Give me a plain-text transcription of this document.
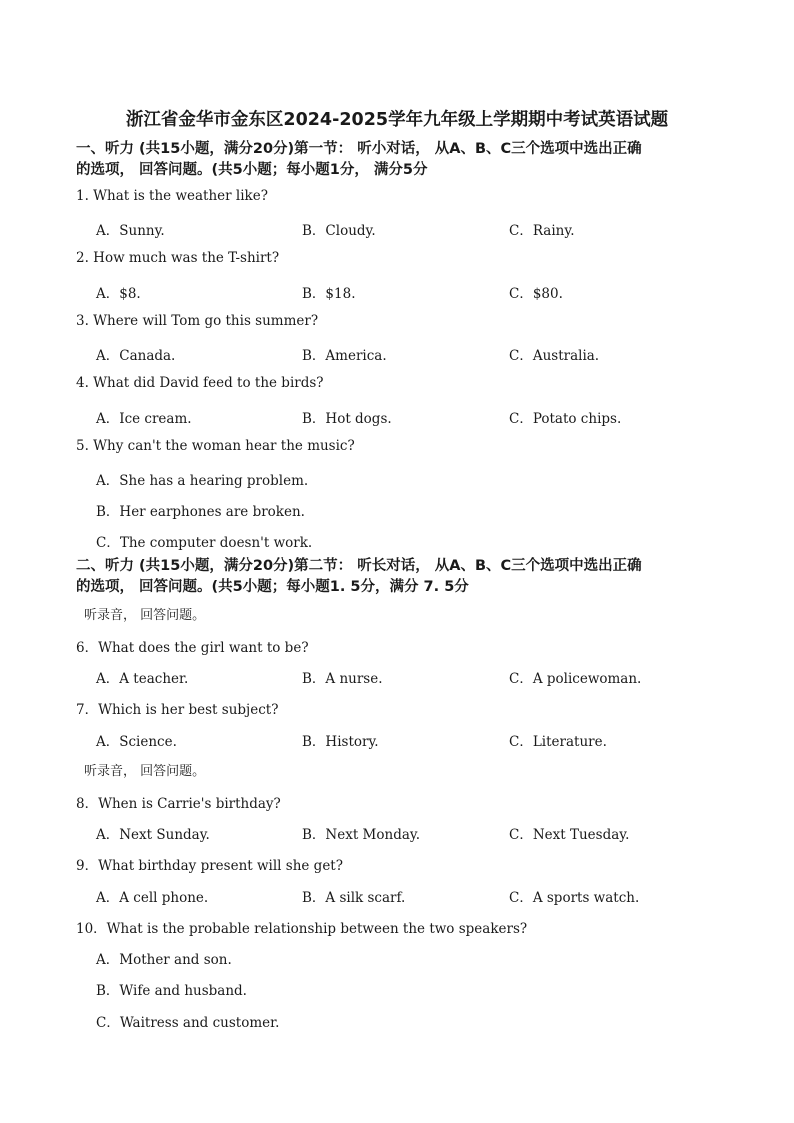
浙江省金华市金东区2024-2025学年九年级上学期期中考试英语试题
一、听力 (共15小题，满分20分)第一节： 听小对话， 从A、B、C三个选项中选出正确
的选项， 回答问题。(共5小题；每小题1分， 满分5分
1. What is the weather like?
A．Sunny.	B．Cloudy.	C．Rainy.
2. How much was the T-shirt?
A．$8.	B．$18.	C．$80.
3. Where will Tom go this summer?
A．Canada.	B．America.	C．Australia.
4. What did David feed to the birds?
A．Ice cream.	B．Hot dogs.	C．Potato chips.
5. Why can't the woman hear the music?
A．She has a hearing problem.
B．Her earphones are broken.
C．The computer doesn't work.
二、听力 (共15小题，满分20分)第二节： 听长对话， 从A、B、C三个选项中选出正确
的选项， 回答问题。(共5小题；每小题1. 5分，满分 7. 5分
听录音， 回答问题。
6．What does the girl want to be?
A．A teacher.	B．A nurse.	C．A policewoman.
7．Which is her best subject?
A．Science.	B．History.	C．Literature.
听录音， 回答问题。
8．When is Carrie's birthday?
A．Next Sunday.	B．Next Monday.	C．Next Tuesday.
9．What birthday present will she get?
A．A cell phone.	B．A silk scarf.	C．A sports watch.
10．What is the probable relationship between the two speakers?
A．Mother and son.
B．Wife and husband.
C．Waitress and customer.
